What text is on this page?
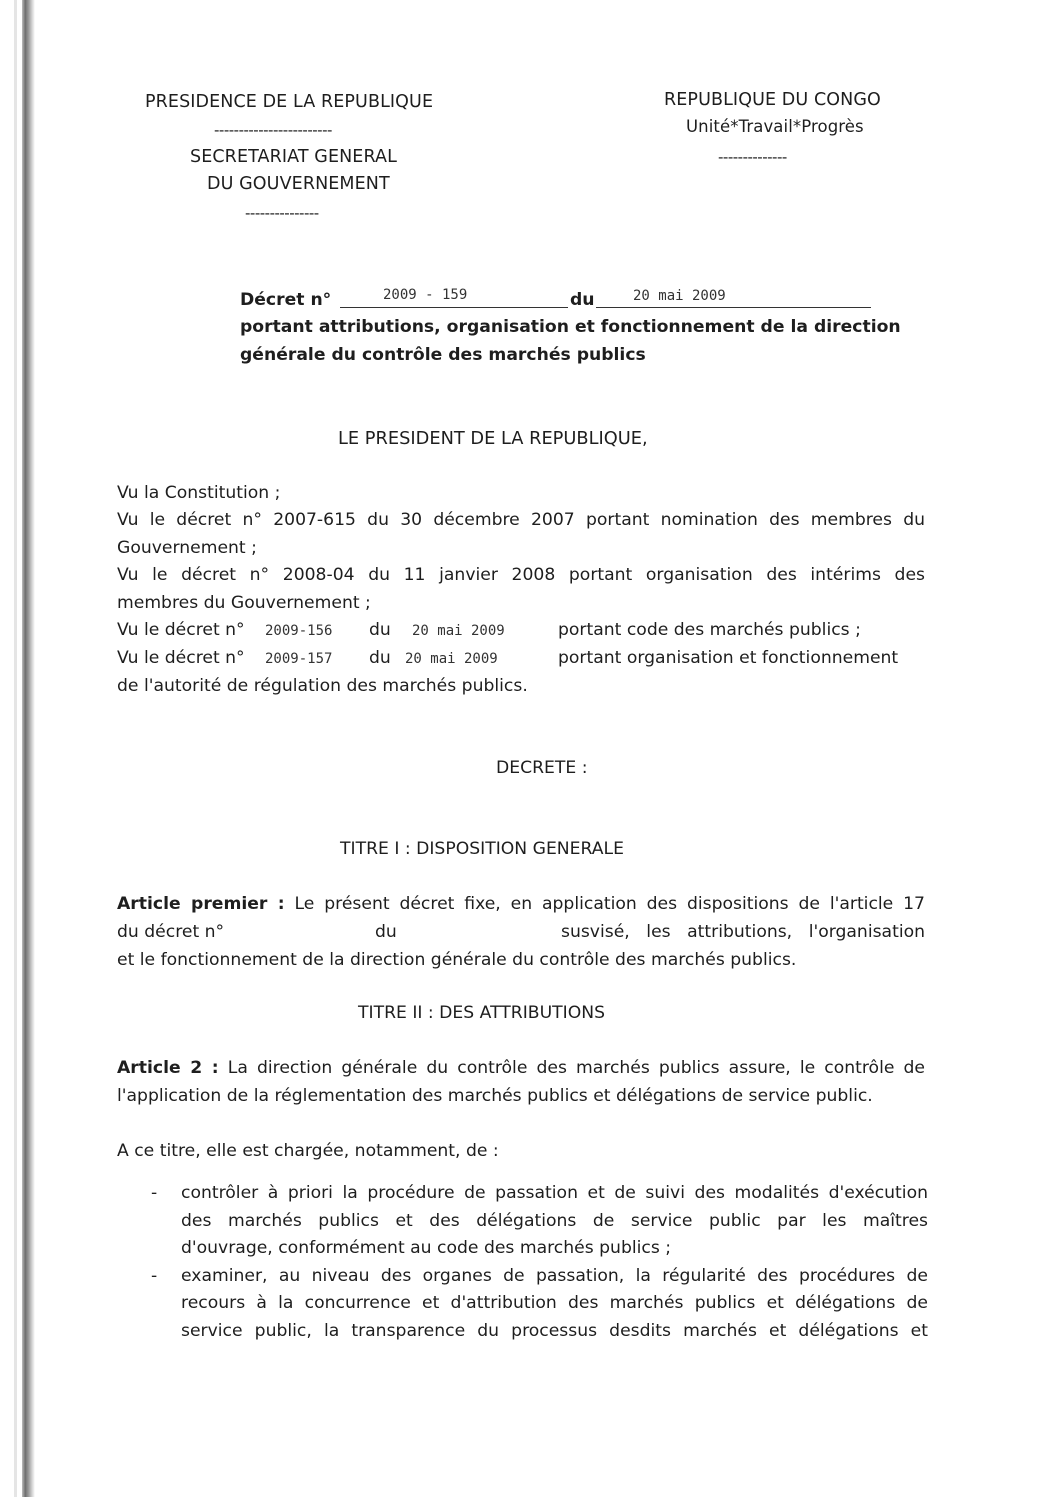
PRESIDENCE DE LA REPUBLIQUE
------------------------
SECRETARIAT GENERAL
DU GOUVERNEMENT
---------------
REPUBLIQUE DU CONGO
Unité*Travail*Progrès
--------------
Décret n°	2009 - 159	du	20 mai 2009
portant attributions, organisation et fonctionnement de la direction
générale du contrôle des marchés publics
LE PRESIDENT DE LA REPUBLIQUE,
Vu la Constitution ;
Vu le décret n° 2007-615 du 30 décembre 2007 portant nomination des membres du
Gouvernement ;
Vu le décret n° 2008-04 du 11 janvier 2008 portant organisation des intérims des
membres du Gouvernement ;
Vu le décret n° 2009-156 du 20 mai 2009	portant code des marchés publics ;
Vu le décret n° 2009-157 du 20 mai 2009	portant organisation et fonctionnement
de l'autorité de régulation des marchés publics.
DECRETE :
TITRE I : DISPOSITION GENERALE
Article premier : Le présent décret fixe, en application des dispositions de l'article 17
du décret n°	du	susvisé, les attributions, l'organisation
et le fonctionnement de la direction générale du contrôle des marchés publics.
TITRE II : DES ATTRIBUTIONS
Article 2 : La direction générale du contrôle des marchés publics assure, le contrôle de
l'application de la réglementation des marchés publics et délégations de service public.
A ce titre, elle est chargée, notamment, de :
- contrôler à priori la procédure de passation et de suivi des modalités d'exécution
des marchés publics et des délégations de service public par les maîtres
d'ouvrage, conformément au code des marchés publics ;
- examiner, au niveau des organes de passation, la régularité des procédures de
recours à la concurrence et d'attribution des marchés publics et délégations de
service public, la transparence du processus desdits marchés et délégations et
